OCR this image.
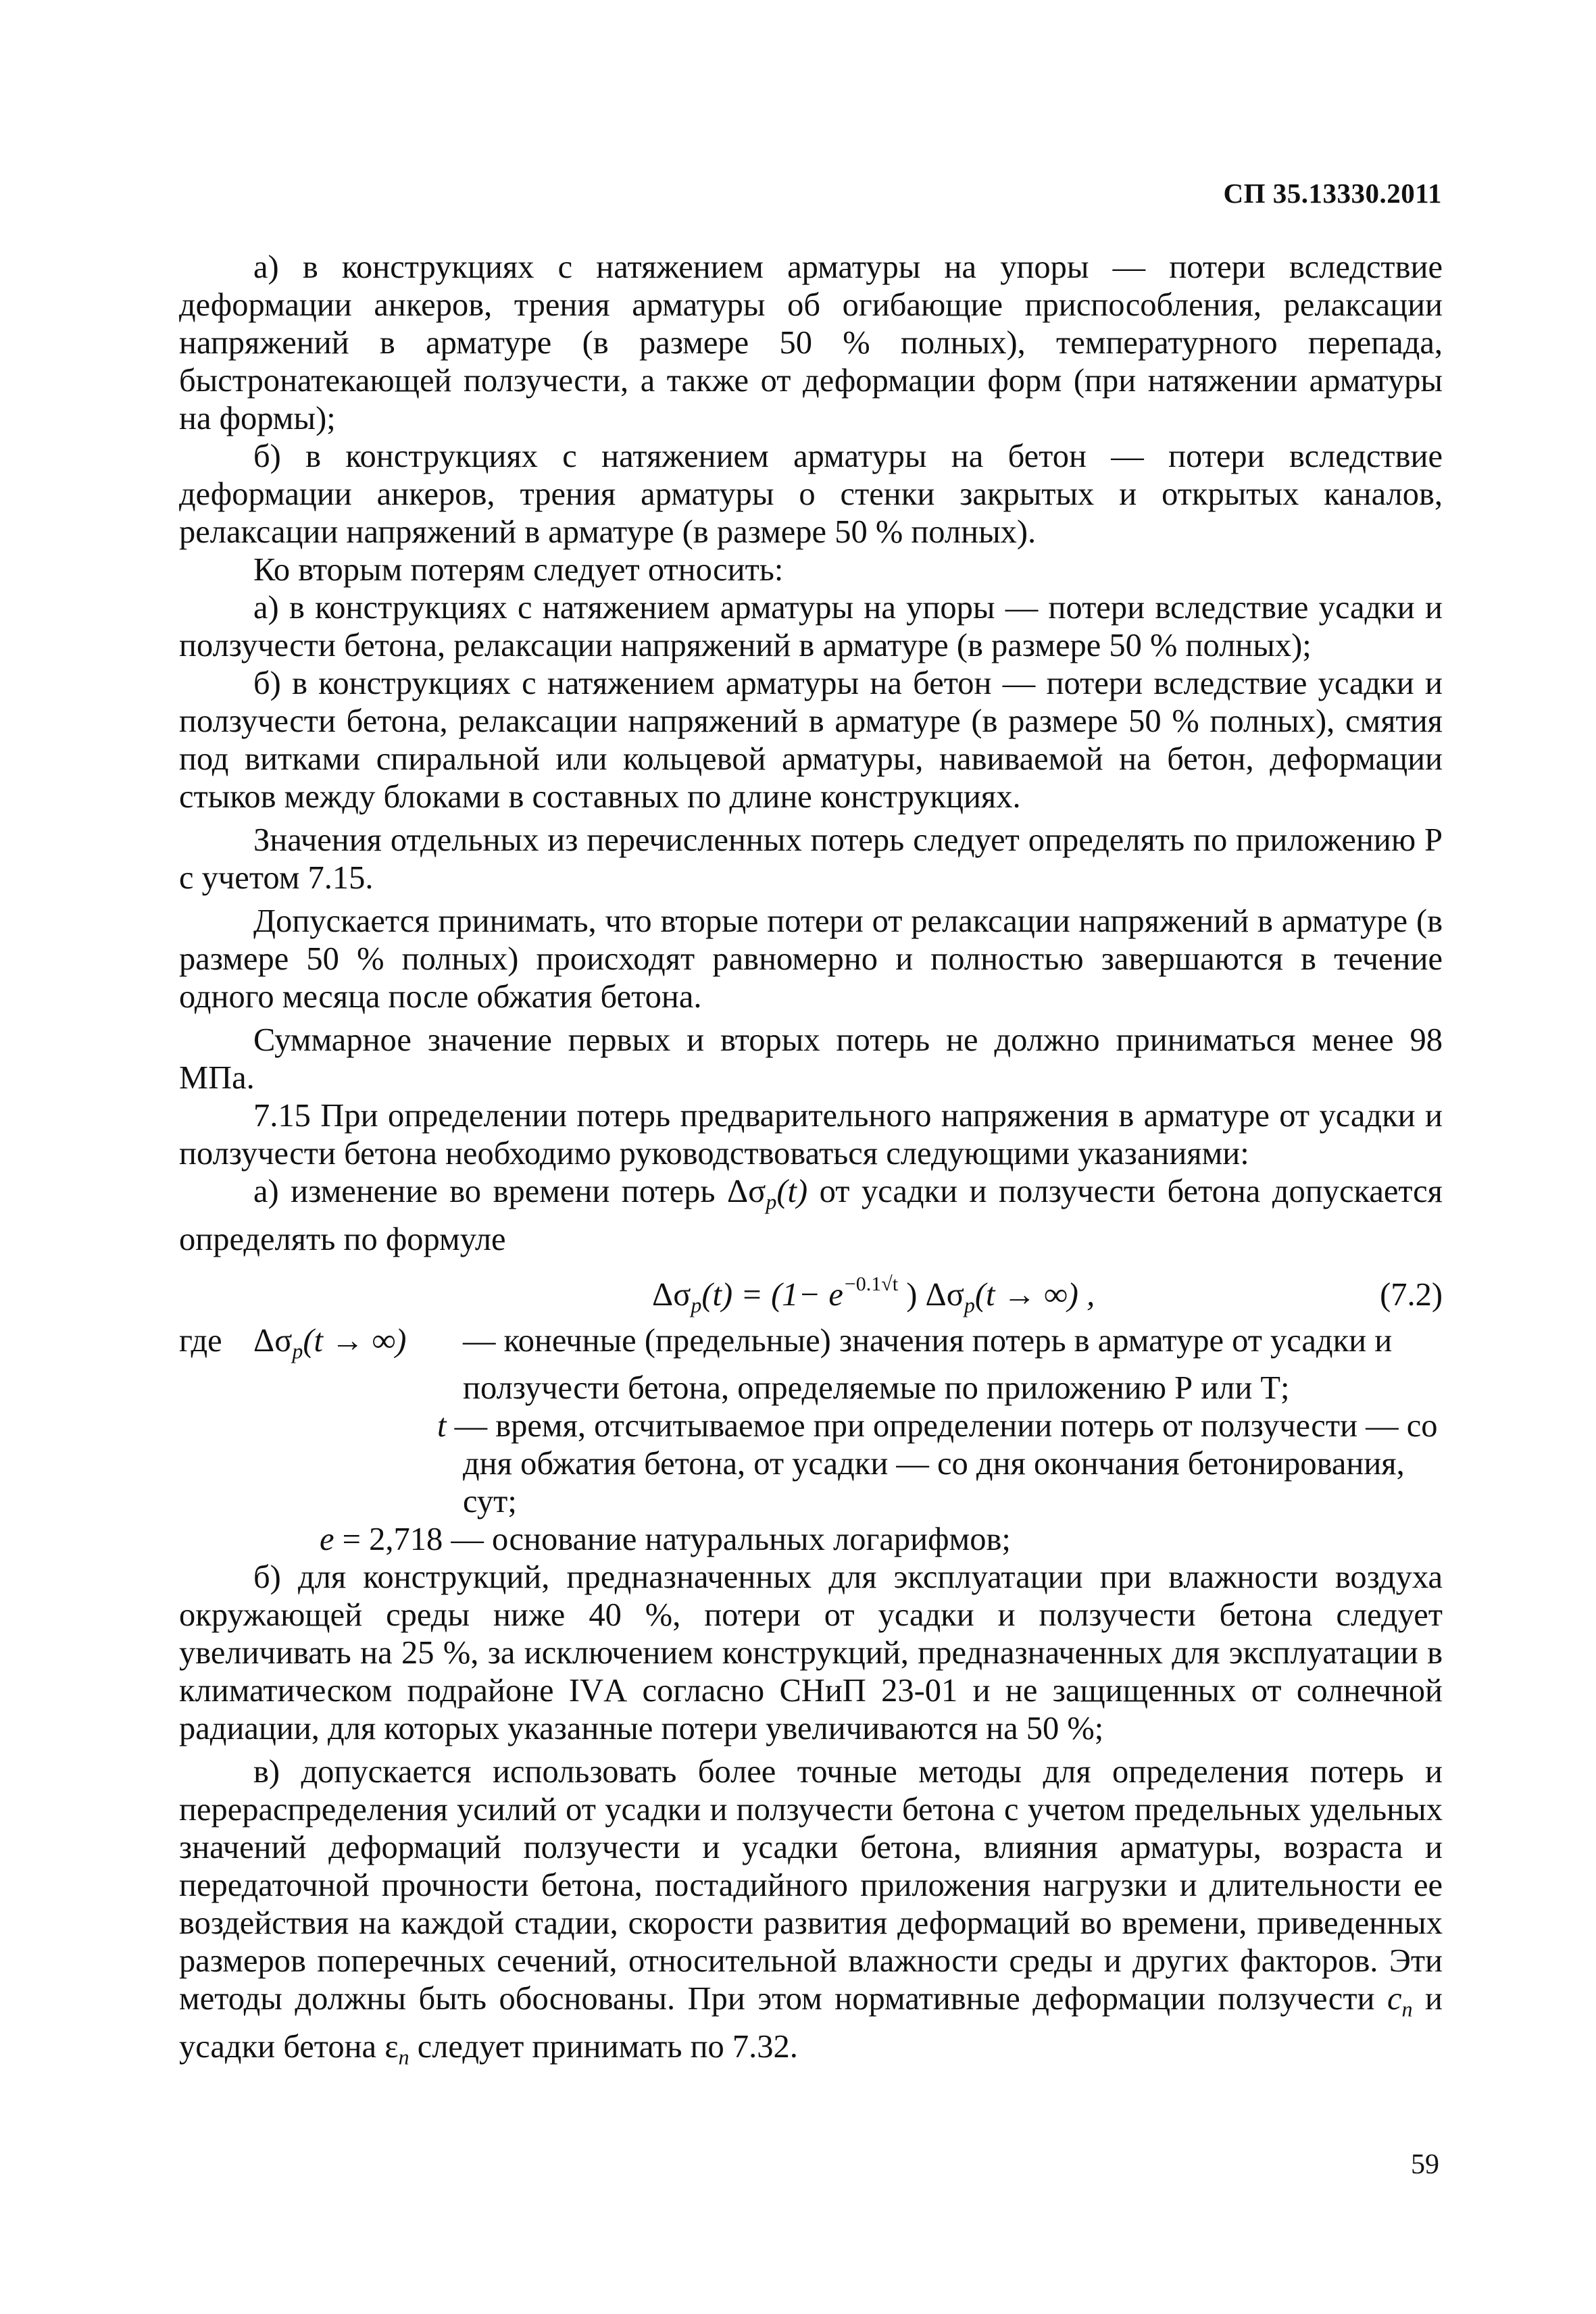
СП 35.13330.2011

а) в конструкциях с натяжением арматуры на упоры — потери вследствие деформации анкеров, трения арматуры об огибающие приспособления, релаксации напряжений в арматуре (в размере 50 % полных), температурного перепада, быстронатекающей ползучести, а также от деформации форм (при натяжении арматуры на формы);

б) в конструкциях с натяжением арматуры на бетон — потери вследствие деформации анкеров, трения арматуры о стенки закрытых и открытых каналов, релаксации напряжений в арматуре (в размере 50 % полных).

Ко вторым потерям следует относить:

а) в конструкциях с натяжением арматуры на упоры — потери вследствие усадки и ползучести бетона, релаксации напряжений в арматуре (в размере 50 % полных);

б) в конструкциях с натяжением арматуры на бетон — потери вследствие усадки и ползучести бетона, релаксации напряжений в арматуре (в размере 50 % полных), смятия под витками спиральной или кольцевой арматуры, навиваемой на бетон, деформации стыков между блоками в составных по длине конструкциях.

Значения отдельных из перечисленных потерь следует определять по приложению Р с учетом 7.15.

Допускается принимать, что вторые потери от релаксации напряжений в арматуре (в размере 50 % полных) происходят равномерно и полностью завершаются в течение одного месяца после обжатия бетона.

Суммарное значение первых и вторых потерь не должно приниматься менее 98 МПа.

7.15 При определении потерь предварительного напряжения в арматуре от усадки и ползучести бетона необходимо руководствоваться следующими указаниями:

а) изменение во времени потерь $\Delta\sigma_p(t)$ от усадки и ползучести бетона допускается определять по формуле

$\Delta\sigma_p(t) = (1- e^{-0.1√t}$ ) $\Delta\sigma_p(t$ → ∞) ,	(7.2)
где $\Delta\sigma_p(t$ → ∞)	— конечные (предельные) значения потерь в арматуре от усадки и
ползучести бетона, определяемые по приложению Р или Т;
t — время, отсчитываемое при определении потерь от ползучести — со
дня обжатия бетона, от усадки — со дня окончания бетонирования, сут;
e = 2,718 — основание натуральных логарифмов;

б) для конструкций, предназначенных для эксплуатации при влажности воздуха окружающей среды ниже 40 %, потери от усадки и ползучести бетона следует увеличивать на 25 %, за исключением конструкций, предназначенных для эксплуатации в климатическом подрайоне IVА согласно СНиП 23-01 и не защищенных от солнечной радиации, для которых указанные потери увеличиваются на 50 %;

в) допускается использовать более точные методы для определения потерь и перераспределения усилий от усадки и ползучести бетона с учетом предельных удельных значений деформаций ползучести и усадки бетона, влияния арматуры, возраста и передаточной прочности бетона, постадийного приложения нагрузки и длительности ее воздействия на каждой стадии, скорости развития деформаций во времени, приведенных размеров поперечных сечений, относительной влажности среды и других факторов. Эти методы должны быть обоснованы. При этом нормативные деформации ползучести $c_n$ и усадки бетона $\varepsilon_n$ следует принимать по 7.32.

59
